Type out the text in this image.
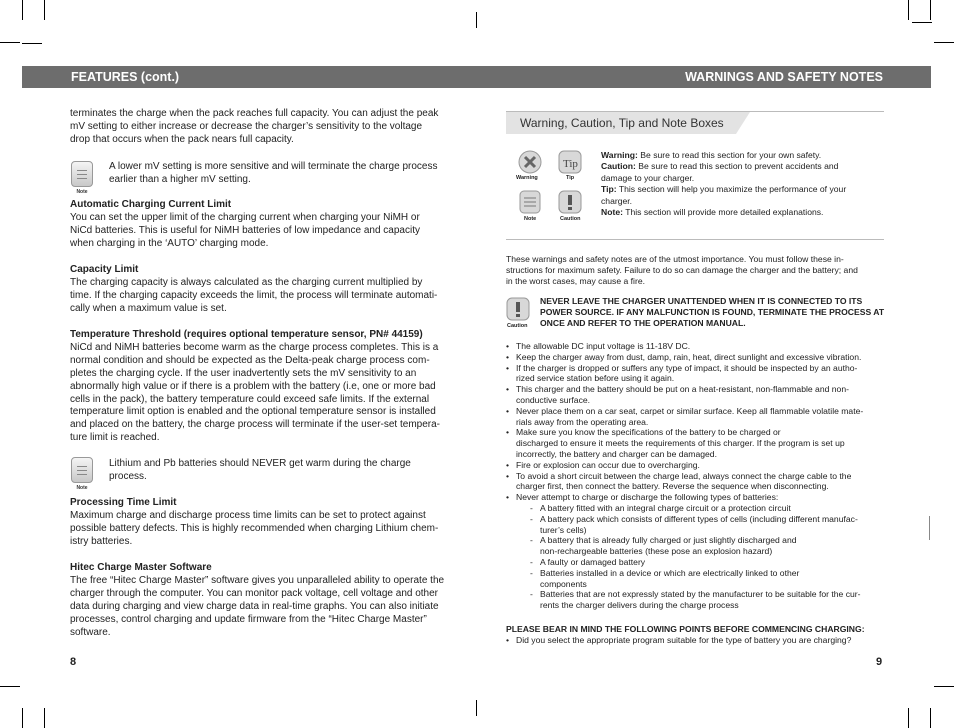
FEATURES (cont.)	WARNINGS AND SAFETY NOTES

terminates the charge when the pack reaches full capacity. You can adjust the peak

mV setting to either increase or decrease the charger’s sensitivity to the voltage

drop that occurs when the pack nears full capacity.

Note

A lower mV setting is more sensitive and will terminate the charge process

earlier than a higher mV setting.

Automatic Charging Current Limit

You can set the upper limit of the charging current when charging your NiMH or

NiCd batteries. This is useful for NiMH batteries of low impedance and capacity

when charging in the ‘AUTO’ charging mode.

Capacity Limit

The charging capacity is always calculated as the charging current multiplied by

time. If the charging capacity exceeds the limit, the process will terminate automati-

cally when a maximum value is set.

Temperature Threshold (requires optional temperature sensor, PN# 44159)

NiCd and NiMH batteries become warm as the charge process completes. This is a

normal condition and should be expected as the Delta-peak charge process com-

pletes the charging cycle. If the user inadvertently sets the mV sensitivity to an

abnormally high value or if there is a problem with the battery (i.e, one or more bad

cells in the pack), the battery temperature could exceed safe limits. If the external

temperature limit option is enabled and the optional temperature sensor is installed

and placed on the battery, the charge process will terminate if the user-set tempera-

ture limit is reached.

Note

Lithium and Pb batteries should NEVER get warm during the charge

process.

Processing Time Limit

Maximum charge and discharge process time limits can be set to protect against

possible battery defects. This is highly recommended when charging Lithium chem-

istry batteries.

Hitec Charge Master Software

The free “Hitec Charge Master” software gives you unparalleled ability to operate the

charger through the computer. You can monitor pack voltage, cell voltage and other

data during charging and view charge data in real-time graphs. You can also initiate

processes, control charging and update firmware from the “Hitec Charge Master”

software.

8
Warning, Caution, Tip and Note Boxes
Warning
Tip
Tip
Note	Caution
Warning: Be sure to read this section for your own safety.
Caution: Be sure to read this section to prevent accidents and
damage to your charger.
Tip: This section will help you maximize the performance of your
charger.
Note: This section will provide more detailed explanations.
These warnings and safety notes are of the utmost importance. You must follow these in-
structions for maximum safety. Failure to do so can damage the charger and the battery; and
in the worst cases, may cause a fire.
Caution
NEVER LEAVE THE CHARGER UNATTENDED WHEN IT IS CONNECTED TO ITS
POWER SOURCE. IF ANY MALFUNCTION IS FOUND, TERMINATE THE PROCESS AT
ONCE AND REFER TO THE OPERATION MANUAL.
• The allowable DC input voltage is 11-18V DC.
• Keep the charger away from dust, damp, rain, heat, direct sunlight and excessive vibration.
• If the charger is dropped or suffers any type of impact, it should be inspected by an autho-
rized service station before using it again.
• This charger and the battery should be put on a heat-resistant, non-flammable and non-
conductive surface.
• Never place them on a car seat, carpet or similar surface. Keep all flammable volatile mate-
rials away from the operating area.
• Make sure you know the specifications of the battery to be charged or
discharged to ensure it meets the requirements of this charger. If the program is set up
incorrectly, the battery and charger can be damaged.
• Fire or explosion can occur due to overcharging.
• To avoid a short circuit between the charge lead, always connect the charge cable to the
charger first, then connect the battery. Reverse the sequence when disconnecting.
• Never attempt to charge or discharge the following types of batteries:
- A battery fitted with an integral charge circuit or a protection circuit
- A battery pack which consists of different types of cells (including different manufac-
turer’s cells)
- A battery that is already fully charged or just slightly discharged and
non-rechargeable batteries (these pose an explosion hazard)
- A faulty or damaged battery
- Batteries installed in a device or which are electrically linked to other
components
- Batteries that are not expressly stated by the manufacturer to be suitable for the cur-
rents the charger delivers during the charge process
PLEASE BEAR IN MIND THE FOLLOWING POINTS BEFORE COMMENCING CHARGING:
• Did you select the appropriate program suitable for the type of battery you are charging?
9
